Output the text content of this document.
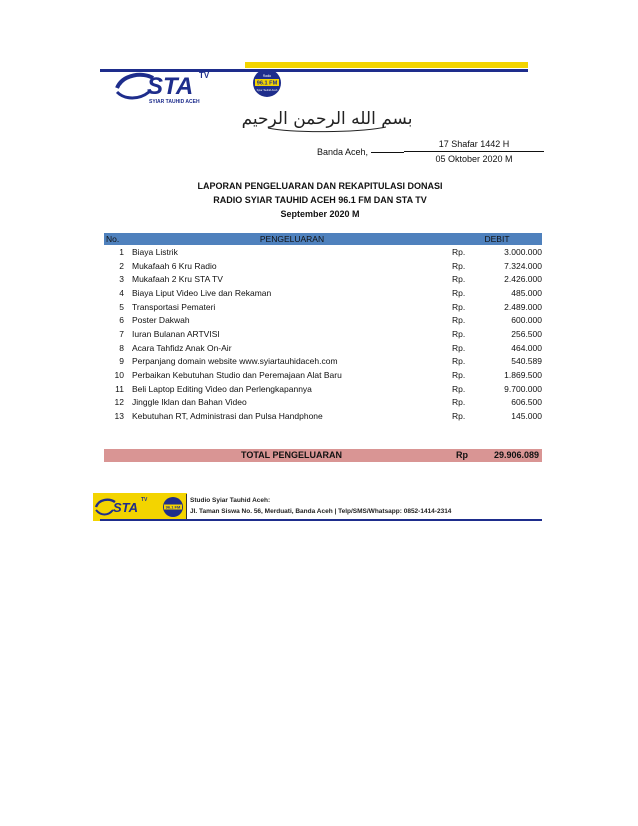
STA TV
SYIAR TAUHID ACEH
Radio
96.1 FM
Syiar Tauhid Aceh
بسم الله الرحمن الرحيم
Banda Aceh,
17 Shafar 1442 H
05 Oktober 2020 M
LAPORAN PENGELUARAN DAN REKAPITULASI DONASI
RADIO SYIAR TAUHID ACEH 96.1 FM DAN STA TV
September 2020 M
No.	PENGELUARAN	DEBIT	
1	Biaya Listrik	Rp.	3.000.000
2	Mukafaah 6 Kru Radio	Rp.	7.324.000
3	Mukafaah 2 Kru STA TV	Rp.	2.426.000
4	Biaya Liput Video Live dan Rekaman	Rp.	485.000
5	Transportasi Pemateri	Rp.	2.489.000
6	Poster Dakwah	Rp.	600.000
7	Iuran Bulanan ARTVISI	Rp.	256.500
8	Acara Tahfidz Anak On-Air	Rp.	464.000
9	Perpanjang domain website www.syiartauhidaceh.com	Rp.	540.589
10	Perbaikan Kebutuhan Studio dan Peremajaan Alat Baru	Rp.	1.869.500
11	Beli Laptop Editing Video dan Perlengkapannya	Rp.	9.700.000
12	Jinggle Iklan dan Bahan Video	Rp.	606.500
13	Kebutuhan RT, Administrasi dan Pulsa Handphone	Rp.	145.000
TOTAL PENGELUARAN	Rp	29.906.089
STA TV
96.1 FM
Studio Syiar Tauhid Aceh:
Jl. Taman Siswa No. 56, Merduati, Banda Aceh | Telp/SMS/Whatsapp: 0852-1414-2314
